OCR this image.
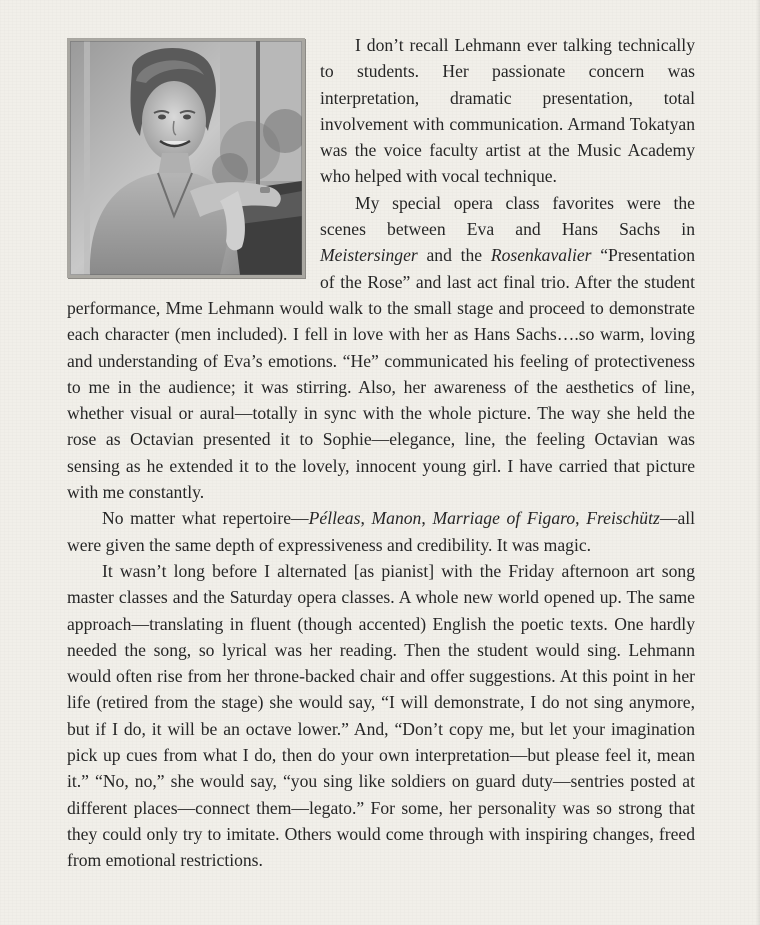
I don’t recall Lehmann ever talking technically to students. Her passionate concern was interpretation, dramatic presentation, total involvement with communication. Armand Tokatyan was the voice faculty artist at the Music Academy who helped with vocal technique.

My special opera class favorites were the scenes between Eva and Hans Sachs in Meistersinger and the Rosenkavalier “Presentation of the Rose” and last act final trio. After the student performance, Mme Lehmann would walk to the small stage and proceed to demonstrate each character (men included). I fell in love with her as Hans Sachs….so warm, loving and understanding of Eva’s emotions. “He” communicated his feeling of protectiveness to me in the audience; it was stirring. Also, her awareness of the aesthetics of line, whether visual or aural—totally in sync with the whole picture. The way she held the rose as Octavian presented it to Sophie—elegance, line, the feeling Octavian was sensing as he extended it to the lovely, innocent young girl. I have carried that picture with me constantly.

No matter what repertoire—Pélleas, Manon, Marriage of Figaro, Freischütz—all were given the same depth of expressiveness and credibility. It was magic.

It wasn’t long before I alternated [as pianist] with the Friday afternoon art song master classes and the Saturday opera classes. A whole new world opened up. The same approach—translating in fluent (though accented) English the poetic texts. One hardly needed the song, so lyrical was her reading. Then the student would sing. Lehmann would often rise from her throne-backed chair and offer suggestions. At this point in her life (retired from the stage) she would say, “I will demonstrate, I do not sing anymore, but if I do, it will be an octave lower.” And, “Don’t copy me, but let your imagination pick up cues from what I do, then do your own interpretation—but please feel it, mean it.” “No, no,” she would say, “you sing like soldiers on guard duty—sentries posted at different places—connect them—legato.” For some, her personality was so strong that they could only try to imitate. Others would come through with inspiring changes, freed from emotional restrictions.
